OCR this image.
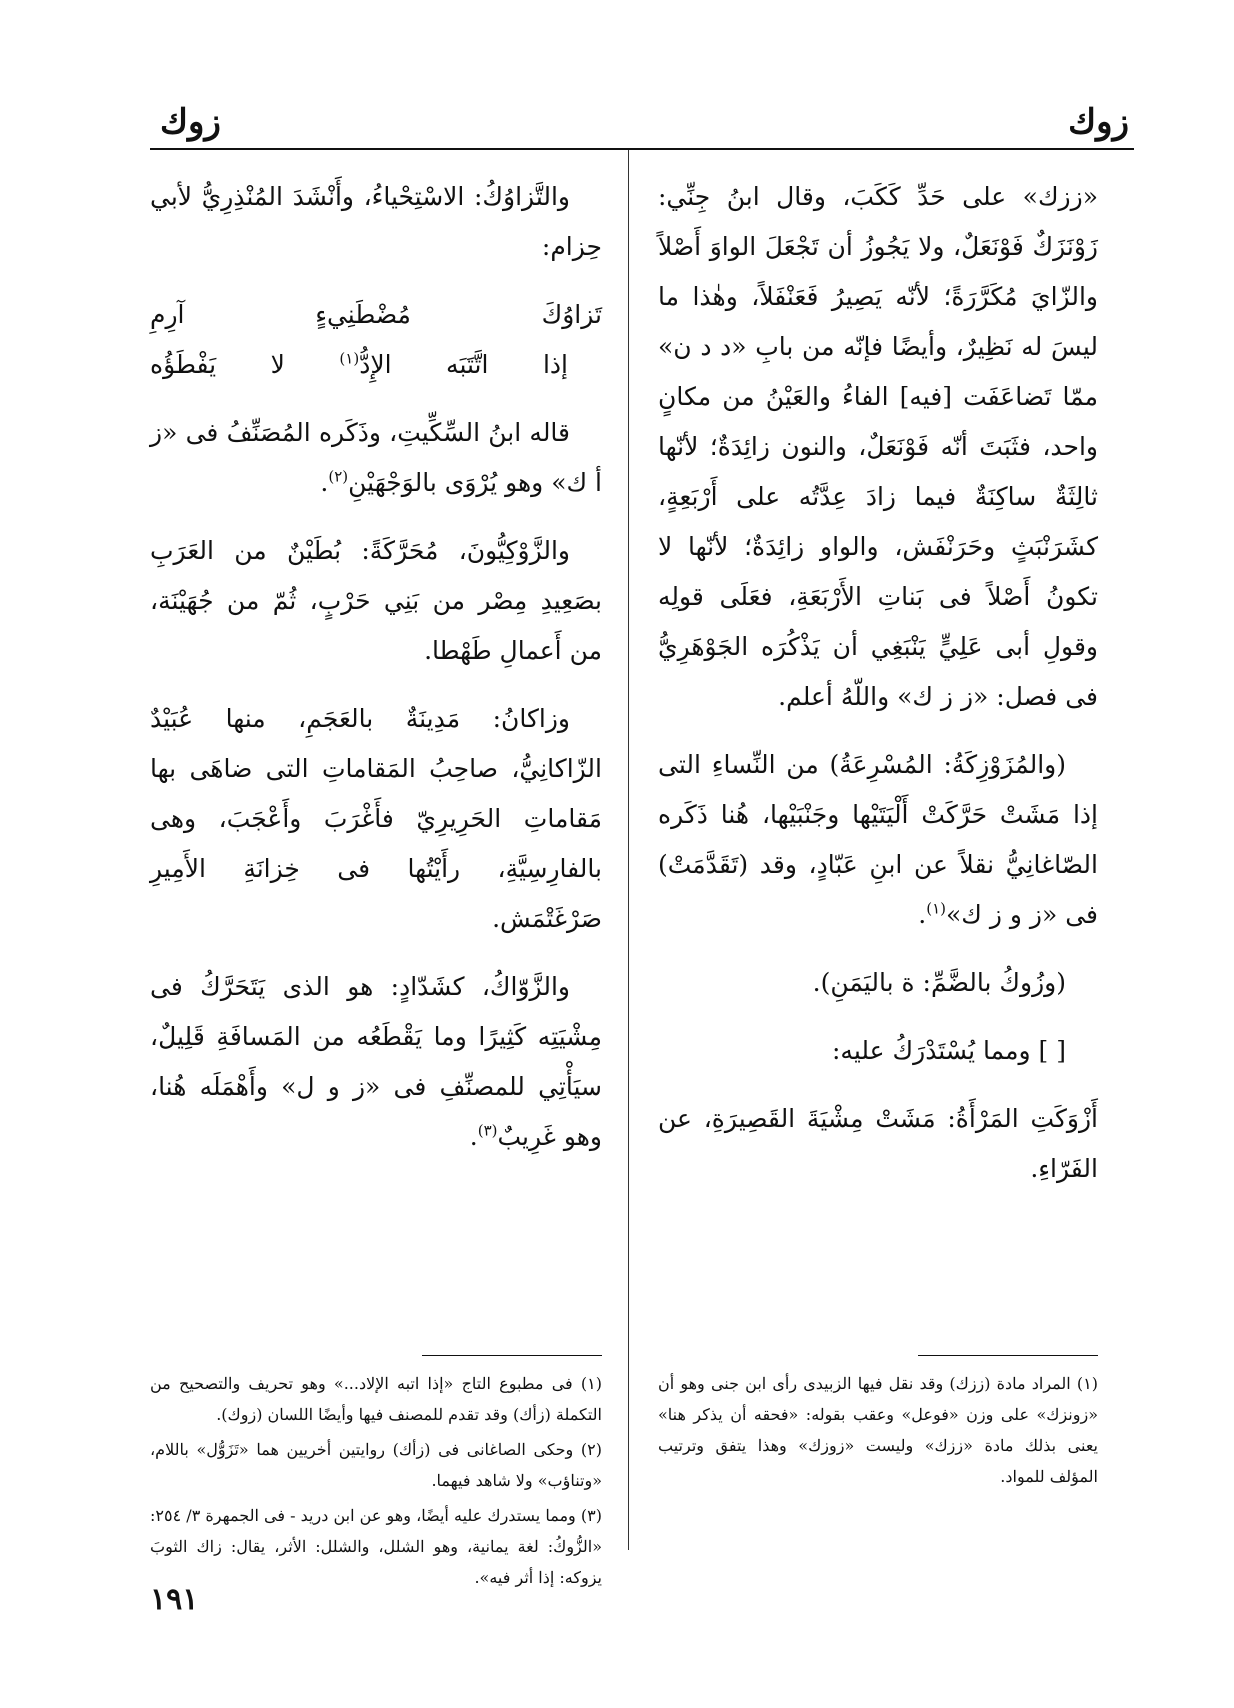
زوك
زوك

«ززك» على حَدِّ كَكَبَ، وقال ابنُ جِنِّي: زَوْنَزَكٌ فَوْنَعَلٌ، ولا يَجُوزُ أن تَجْعَلَ الواوَ أَصْلاً والزّايَ مُكَرَّرَةً؛ لأنّه يَصِيرُ فَعَنْفَلاً، وهٰذا ما ليسَ له نَظِيرٌ، وأيضًا فإنّه من بابِ «د د ن» ممّا تَضاعَفَت [فيه] الفاءُ والعَيْنُ من مكانٍ واحد، فثَبَتَ أنّه فَوْنَعَلٌ، والنون زائِدَةٌ؛ لأنّها ثالِثَةٌ ساكِنَةٌ فيما زادَ عِدَّتُه على أَرْبَعِةٍ، كشَرَنْبَثٍ وحَرَنْفَش، والواو زائِدَةٌ؛ لأنّها لا تكونُ أَصْلاً فى بَناتِ الأَرْبَعَةِ، فعَلَى قولِه وقولِ أبى عَلِيٍّ يَنْبَغِي أن يَذْكُرَه الجَوْهَرِيُّ فى فصل: «ز ز ك» واللّهُ أعلم.

(والمُزَوْزِكَةُ: المُسْرِعَةُ) من النِّساءِ التى إذا مَشَتْ حَرَّكَتْ أَلْيَتَيْها وجَنْبَيْها، هُنا ذَكَره الصّاغانِيُّ نقلاً عن ابنِ عَبّادٍ، وقد (تَقَدَّمَتْ) فى «ز و ز ك»$^{(١)}$.

(وزُوكُ بالضَّمِّ: ة باليَمَنِ).

[ ] ومما يُسْتَدْرَكُ عليه:

أَزْوَكَتِ المَرْأَةُ: مَشَتْ مِشْيَةَ القَصِيرَةِ، عن الفَرّاءِ.

والتَّزاوُكُ: الاسْتِحْياءُ، وأَنْشَدَ المُنْذِرِيُّ لأبي حِزام:

تَزاوُكَ مُضْطَنِيءٍ آرِمِ

إذا اتَّتَبَه الإِدُّ$^{(١)}$ لا يَفْطَؤُه

قاله ابنُ السِّكِّيتِ، وذَكَره المُصَنِّفُ فى «ز أ ك» وهو يُرْوَى بالوَجْهَيْنِ$^{(٢)}$.

والزَّوْكِيُّونَ، مُحَرَّكَةً: بُطَيْنٌ من العَرَبِ بصَعِيدِ مِصْر من بَنِي حَرْبٍ، ثُمّ من جُهَيْنَة، من أَعمالِ طَهْطا.

وزاكانُ: مَدِينَةٌ بالعَجَمِ، منها عُبَيْدٌ الزّاكانِيُّ، صاحِبُ المَقاماتِ التى ضاهَى بها مَقاماتِ الحَرِيرِيّ فأَغْرَبَ وأَعْجَبَ، وهى بالفارِسِيَّةِ، رأَيْتُها فى خِزانَةِ الأَمِيرِ صَرْغَتْمَش.

والزَّوّاكُ، كشَدّادٍ: هو الذى يَتَحَرَّكُ فى مِشْيَتِه كَثِيرًا وما يَقْطَعُه من المَسافَةِ قَلِيلٌ، سيَأْتِي للمصنِّفِ فى «ز و ل» وأَهْمَلَه هُنا، وهو غَرِيبٌ$^{(٣)}$.

(١) المراد مادة (ززك) وقد نقل فيها الزبيدى رأى ابن جنى وهو أن «زونزك» على وزن «فوعل» وعقب بقوله: «فحقه أن يذكر هنا» يعنى بذلك مادة «ززك» وليست «زوزك» وهذا يتفق وترتيب المؤلف للمواد.

(١) فى مطبوع التاج «إذا اتبه الإلاد...» وهو تحريف والتصحيح من التكملة (زأك) وقد تقدم للمصنف فيها وأيضًا اللسان (زوك).

(٢) وحكى الصاغانى فى (زأك) روايتين أخريين هما «تَزَوُّل» باللام، «وتناؤب» ولا شاهد فيهما.

(٣) ومما يستدرك عليه أيضًا، وهو عن ابن دريد - فى الجمهرة ٣/ ٢٥٤: «الزُّوكُ: لغة يمانية، وهو الشلل، والشلل: الأثر، يقال: زاك الثوبَ يزوكه: إذا أثر فيه».

١٩١
